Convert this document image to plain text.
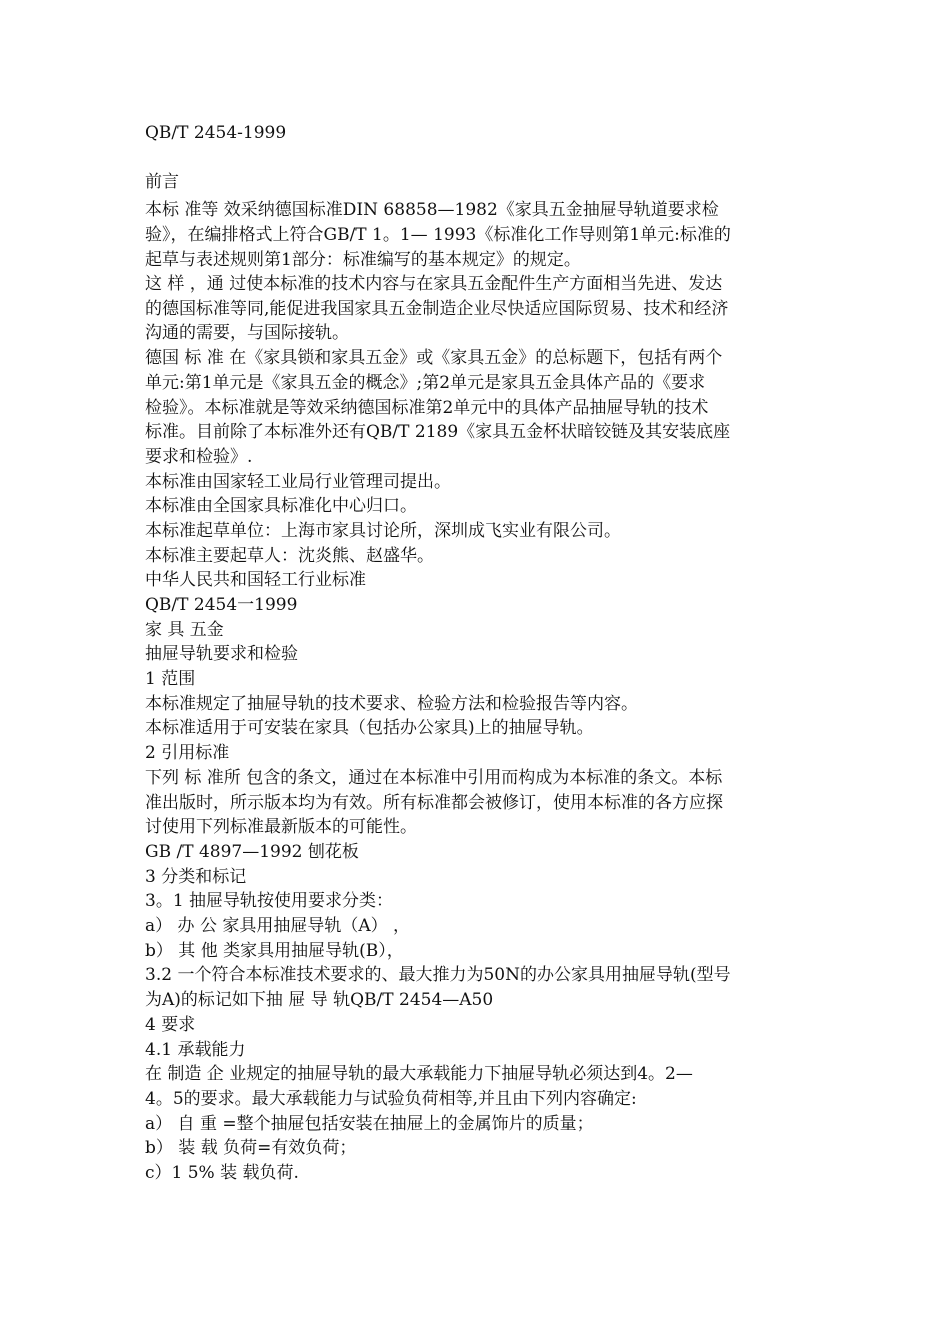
QB/T 2454-1999
前言
本标 准等 效采纳德国标准DIN 68858—1982《家具五金抽屉导轨道要求检
验》，在编排格式上符合GB/T 1。1— 1993《标准化工作导则第1单元:标准的
起草与表述规则第1部分：标准编写的基本规定》的规定。
这 样 ，通 过使本标准的技术内容与在家具五金配件生产方面相当先进、发达
的德国标准等同,能促进我国家具五金制造企业尽快适应国际贸易、技术和经济
沟通的需要，与国际接轨。
德国 标 准 在《家具锁和家具五金》或《家具五金》的总标题下，包括有两个
单元:第1单元是《家具五金的概念》;第2单元是家具五金具体产品的《要求
检验》。本标准就是等效采纳德国标准第2单元中的具体产品抽屉导轨的技术
标准。目前除了本标准外还有QB/T 2189《家具五金杯状暗铰链及其安装底座
要求和检验》.
本标准由国家轻工业局行业管理司提出。
本标准由全国家具标准化中心归口。
本标准起草单位：上海市家具讨论所，深圳成飞实业有限公司。
本标准主要起草人：沈炎熊、赵盛华。
中华人民共和国轻工行业标准
QB/T 2454一1999
家 具 五金
抽屉导轨要求和检验
1 范围
本标准规定了抽屉导轨的技术要求、检验方法和检验报告等内容。
本标准适用于可安装在家具（包括办公家具)上的抽屉导轨。
2 引用标准
下列 标 准所 包含的条文，通过在本标准中引用而构成为本标准的条文。本标
准出版时，所示版本均为有效。所有标准都会被修订，使用本标准的各方应探
讨使用下列标准最新版本的可能性。
GB /T 4897—1992 刨花板
3 分类和标记
3。1 抽屉导轨按使用要求分类：
a） 办 公 家具用抽屉导轨（A） ，
b） 其 他 类家具用抽屉导轨(B），
3.2 一个符合本标准技术要求的、最大推力为50N的办公家具用抽屉导轨(型号
为A)的标记如下抽 屉 导 轨QB/T 2454—A50
4 要求
4.1 承载能力
在 制造 企 业规定的抽屉导轨的最大承载能力下抽屉导轨必须达到4。2—
4。5的要求。最大承载能力与试验负荷相等,并且由下列内容确定:
a） 自 重 =整个抽屉包括安装在抽屉上的金属饰片的质量；
b） 装 载 负荷=有效负荷；
c）1 5% 装 载负荷.
